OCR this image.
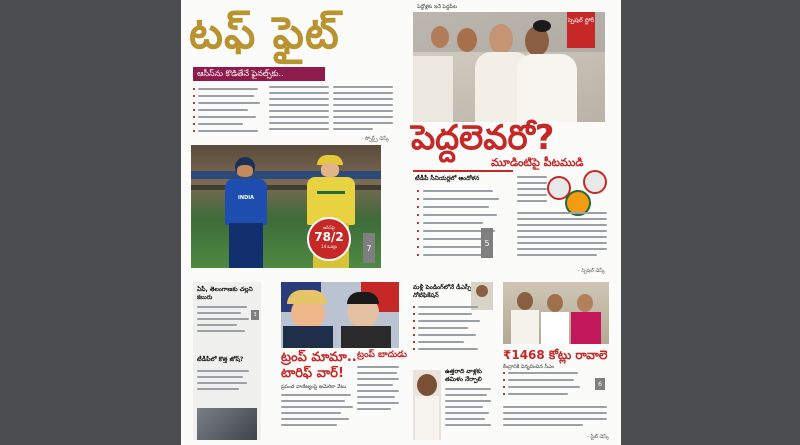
టఫ్ ఫైట్
ఆసీస్‌ను కొడితేనే ఫైనల్స్‌కు..
- స్పోర్ట్స్ డెస్క్
INDIA
ఆసీస్‌పై
78/2
14 ఓవర్లు	7
పెద్దోళ్లకు ఇదే పెద్దపీట
స్పెషల్ స్టోరీ
పెద్దలెవరో?
మూడింటిపై పీటముడి
టీడీపీ సీనియర్లలో ఆందోళన
5
- స్పెషల్ డెస్క్
ఏపీ, తెలంగాణకు చల్లని కబురు
3
టీడీపీలో కొత్త జోష్?	ట్రంప్ మామా..
టారిఫ్ వార్!
ప్రపంచ వాణిజ్యంపై అమెరికా వేటు
ట్రంప్ బాదుడు
మళ్లీ పెండింగ్‌లోనే డీఎస్సీ నోటిఫికేషన్
ఉత్తరాది వాళ్లకు తమిళం నేర్పాలి
₹1468 కోట్లు రావాలె
కేంద్రానికి విన్నవించిన సీఎం
6
- స్టేట్ డెస్క్
